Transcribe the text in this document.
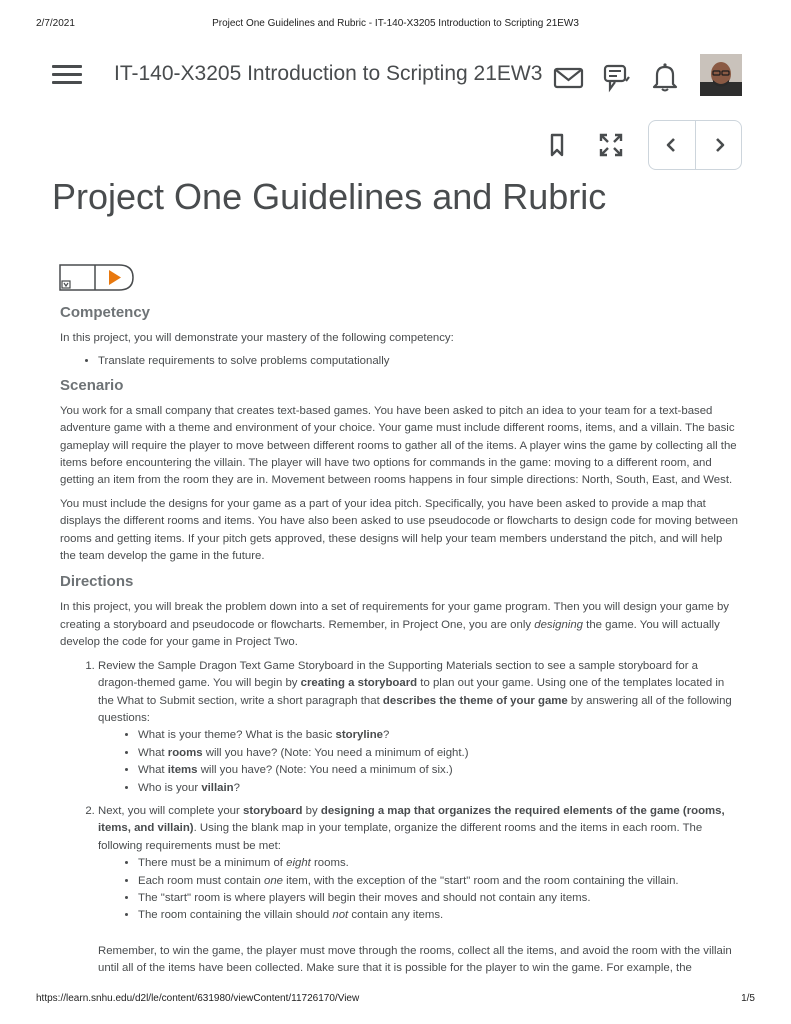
2/7/2021	Project One Guidelines and Rubric - IT-140-X3205 Introduction to Scripting 21EW3
IT-140-X3205 Introduction to Scripting 21EW3
Project One Guidelines and Rubric
Competency

In this project, you will demonstrate your mastery of the following competency:

• Translate requirements to solve problems computationally
Scenario

You work for a small company that creates text-based games. You have been asked to pitch an idea to your team for a text-based adventure game with a theme and environment of your choice. Your game must include different rooms, items, and a villain. The basic gameplay will require the player to move between different rooms to gather all of the items. A player wins the game by collecting all the items before encountering the villain. The player will have two options for commands in the game: moving to a different room, and getting an item from the room they are in. Movement between rooms happens in four simple directions: North, South, East, and West.

You must include the designs for your game as a part of your idea pitch. Specifically, you have been asked to provide a map that displays the different rooms and items. You have also been asked to use pseudocode or flowcharts to design code for moving between rooms and getting items. If your pitch gets approved, these designs will help your team members understand the pitch, and will help the team develop the game in the future.

Directions

In this project, you will break the problem down into a set of requirements for your game program. Then you will design your game by creating a storyboard and pseudocode or flowcharts. Remember, in Project One, you are only designing the game. You will actually develop the code for your game in Project Two.

1. Review the Sample Dragon Text Game Storyboard in the Supporting Materials section to see a sample storyboard for a dragon-themed game. You will begin by creating a storyboard to plan out your game. Using one of the templates located in the What to Submit section, write a short paragraph that describes the theme of your game by answering all of the following questions:
• What is your theme? What is the basic storyline?
• What rooms will you have? (Note: You need a minimum of eight.)
• What items will you have? (Note: You need a minimum of six.)
• Who is your villain?
2. Next, you will complete your storyboard by designing a map that organizes the required elements of the game (rooms, items, and villain). Using the blank map in your template, organize the different rooms and the items in each room. The following requirements must be met:
• There must be a minimum of eight rooms.
• Each room must contain one item, with the exception of the "start" room and the room containing the villain.
• The "start" room is where players will begin their moves and should not contain any items.
• The room containing the villain should not contain any items.
Remember, to win the game, the player must move through the rooms, collect all the items, and avoid the room with the villain until all of the items have been collected. Make sure that it is possible for the player to win the game. For example, the
https://learn.snhu.edu/d2l/le/content/631980/viewContent/11726170/View	1/5
